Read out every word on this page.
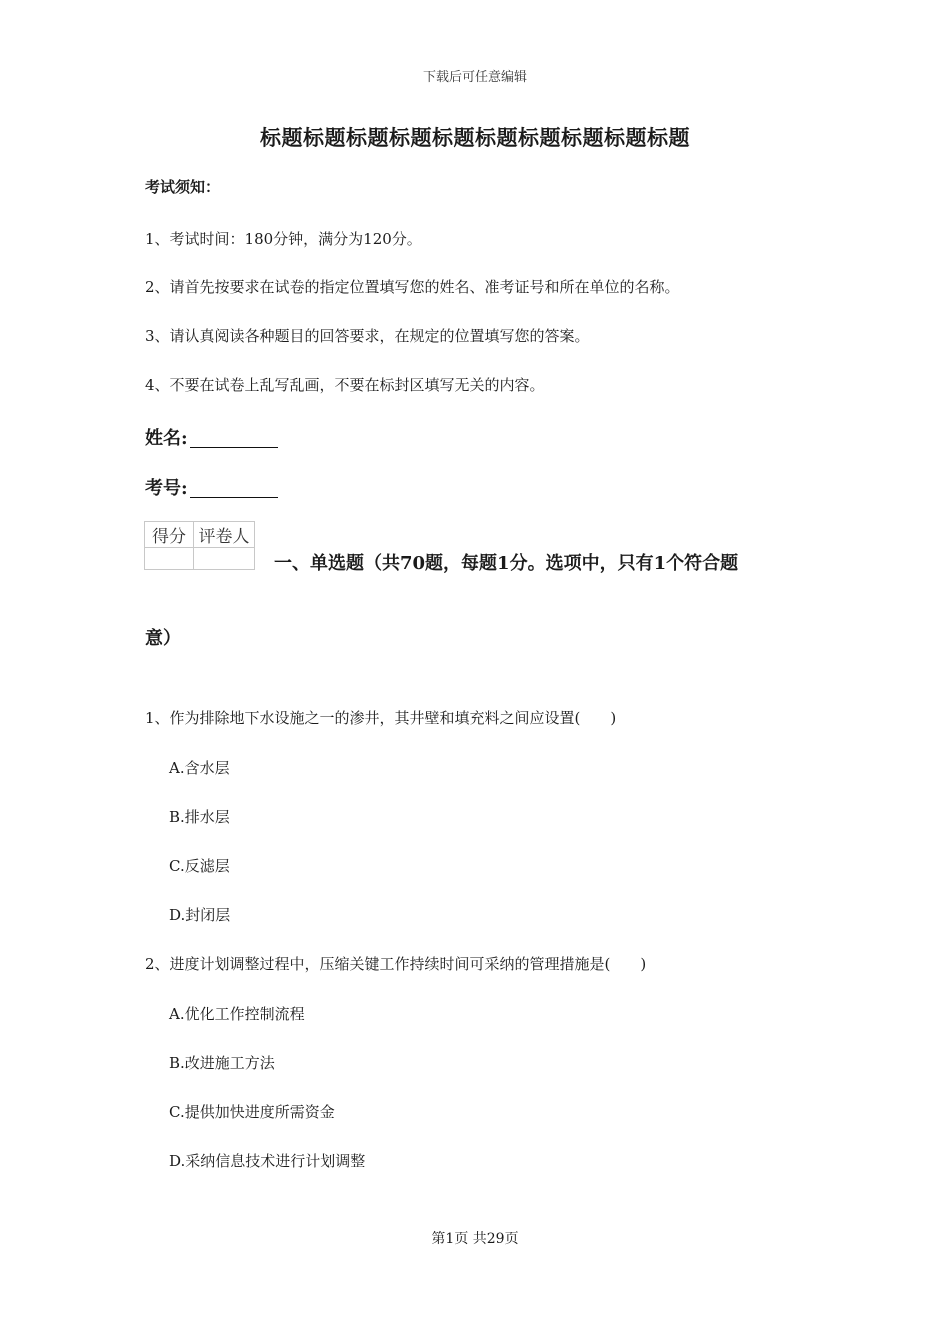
下载后可任意编辑
标题标题标题标题标题标题标题标题标题标题
考试须知：
1、考试时间：180分钟，满分为120分。
2、请首先按要求在试卷的指定位置填写您的姓名、准考证号和所在单位的名称。
3、请认真阅读各种题目的回答要求，在规定的位置填写您的答案。
4、不要在试卷上乱写乱画，不要在标封区填写无关的内容。
姓名:
考号:
得分	评卷人

一、单选题（共70题，每题1分。选项中，只有1个符合题
意）
1、作为排除地下水设施之一的渗井，其井壁和填充料之间应设置(　　)
A.含水层
B.排水层
C.反滤层
D.封闭层
2、进度计划调整过程中，压缩关键工作持续时间可采纳的管理措施是(　　)
A.优化工作控制流程
B.改进施工方法
C.提供加快进度所需资金
D.采纳信息技术进行计划调整
第1页 共29页
